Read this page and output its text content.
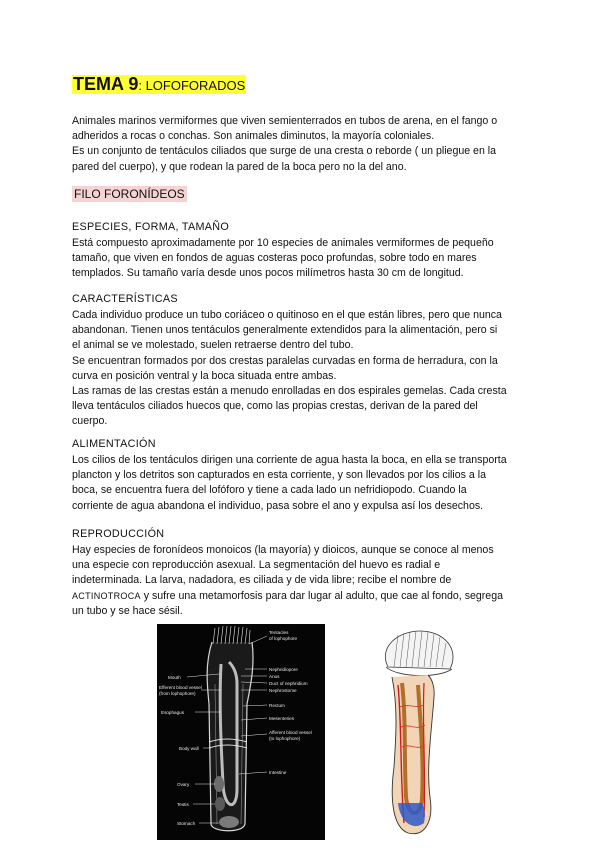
TEMA 9: LOFOFORADOS

Animales marinos vermiformes que viven semienterrados en tubos de arena, en el fango o

adheridos a rocas o conchas. Son animales diminutos, la mayoría coloniales.

Es un conjunto de tentáculos ciliados que surge de una cresta o reborde ( un pliegue en la

pared del cuerpo), y que rodean la pared de la boca pero no la del ano.

FILO FORONÍDEOS

ESPECIES, FORMA, TAMAÑO

Está compuesto aproximadamente por 10 especies de animales vermiformes de pequeño

tamaño, que viven en fondos de aguas costeras poco profundas, sobre todo en mares

templados. Su tamaño varía desde unos pocos milímetros hasta 30 cm de longitud.

CARACTERÍSTICAS

Cada individuo produce un tubo coriáceo o quitinoso en el que están libres, pero que nunca

abandonan. Tienen unos tentáculos generalmente extendidos para la alimentación, pero si

el animal se ve molestado, suelen retraerse dentro del tubo.

Se encuentran formados por dos crestas paralelas curvadas en forma de herradura, con la

curva en posición ventral y la boca situada entre ambas.

Las ramas de las crestas están a menudo enrolladas en dos espirales gemelas. Cada cresta

lleva tentáculos ciliados huecos que, como las propias crestas, derivan de la pared del

cuerpo.

ALIMENTACIÓN

Los cilios de los tentáculos dirigen una corriente de agua hasta la boca, en ella se transporta

plancton y los detritos son capturados en esta corriente, y son llevados por los cilios a la

boca, se encuentra fuera del lofóforo y tiene a cada lado un nefridiopodo. Cuando la

corriente de agua abandona el individuo, pasa sobre el ano y expulsa así los desechos.

REPRODUCCIÓN

Hay especies de foronídeos monoicos (la mayoría) y dioicos, aunque se conoce al menos

una especie con reproducción asexual. La segmentación del huevo es radial e

indeterminada. La larva, nadadora, es ciliada y de vida libre; recibe el nombre de

ACTINOTROCA y sufre una metamorfosis para dar lugar al adulto, que cae al fondo, segrega

un tubo y se hace sésil.

Tentacles
of lophophore
Nephridiopore
Anus
Duct of nephridium
Nephrostome
Mouth
Efferent blood vessel
(from lophophore)
Esophagus
Rectum
Mesenteries
Afferent blood vessel
(to lophophore)
Body wall
Intestine
Ovary
Testis
Stomach
